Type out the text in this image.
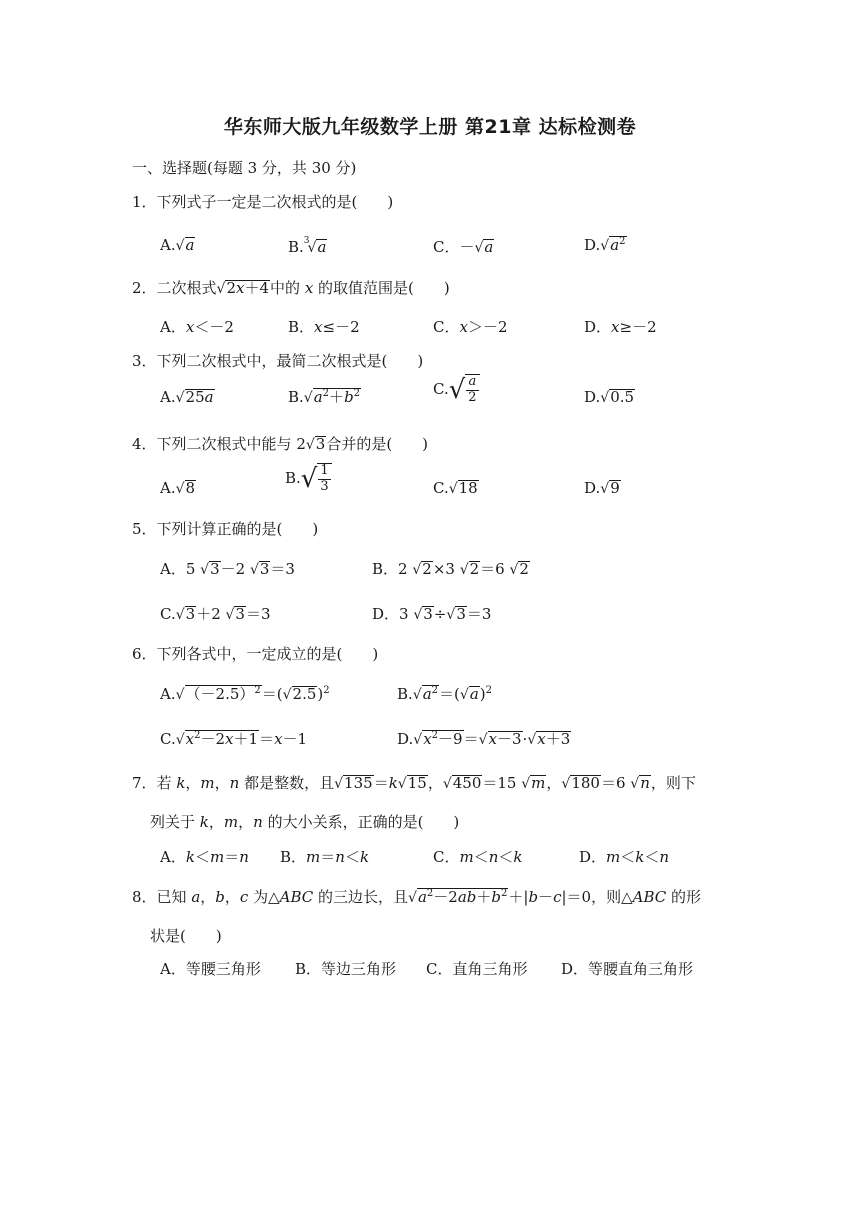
华东师大版九年级数学上册 第21章 达标检测卷
一、选择题(每题 3 分，共 30 分)
1．下列式子一定是二次根式的是(　　)
A.√a	B.$^3$√a	C．－√a	$D.√a^2$
2．二次根式√2x＋4中的 x 的取值范围是(　　)
A．x＜－2	B．x≤－2	C．x＞－2	D．x≥－2
3．下列二次根式中，最简二次根式是(　　)
A.√25a	$B.√a^2+b^2$	$C.√ \frac{a}{2}$	D.√0.5
4．下列二次根式中能与 2√3合并的是(　　)
A.√8
$B.√ \frac{1}{3}$	C.√18	D.√9
5．下列计算正确的是(　　)
A．5 √3－2 √3＝3	B．2 √2×3 √2＝6 √2
C.√3＋2 √3＝3	D．3 √3÷√3＝3
6．下列各式中，一定成立的是(　　)
$A.√(-2.5)^2=(√2.5)^2$	$B.√a^2=(√a)^2$
$C.√x^2-2x+1=x-1$	$D.√x^2-9=√x-3\cdot√x+3$
7．若 k，m，n 都是整数，且√135＝k√15，√450＝15 √m，√180＝6 √n，则下
列关于 k，m，n 的大小关系，正确的是(　　)
A．k＜m＝n B．m＝n＜k	C．m＜n＜k	D．m＜k＜n
8．已知 a，b，c 为△ABC 的三边长，且$√a^2-2ab+b^2+|b-c|=0$，则△ABC 的形
状是(　　)
A．等腰三角形 B．等边三角形 C．直角三角形 D．等腰直角三角形
